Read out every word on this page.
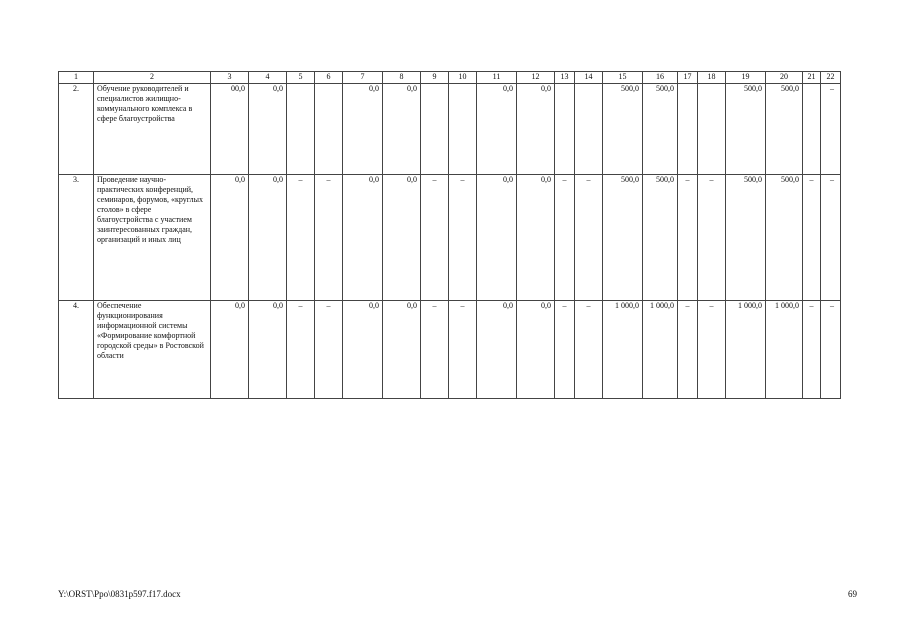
1	2	3	4	5	6	7	8	9	10	11	12	13	14	15	16	17	18	19	20	21	22
2.	Обучение руководителей и специалистов жилищно-коммунального комплекса в сфере благоустройства	00,0	0,0			0,0	0,0			0,0	0,0			500,0	500,0			500,0	500,0		–
3.	Проведение научно-практических конференций, семинаров, форумов, «круглых столов» в сфере благоустройства с участием заинтересованных граждан, организаций и иных лиц	0,0	0,0	–	–	0,0	0,0	–	–	0,0	0,0	–	–	500,0	500,0	–	–	500,0	500,0	–	–
4.	Обеспечение функционирования информационной системы «Формирование комфортной городской среды» в Ростовской области	0,0	0,0	–	–	0,0	0,0	–	–	0,0	0,0	–	–	1 000,0	1 000,0	–	–	1 000,0	1 000,0	–	–
Y:\ORST\Ppo\0831p597.f17.docx	69
